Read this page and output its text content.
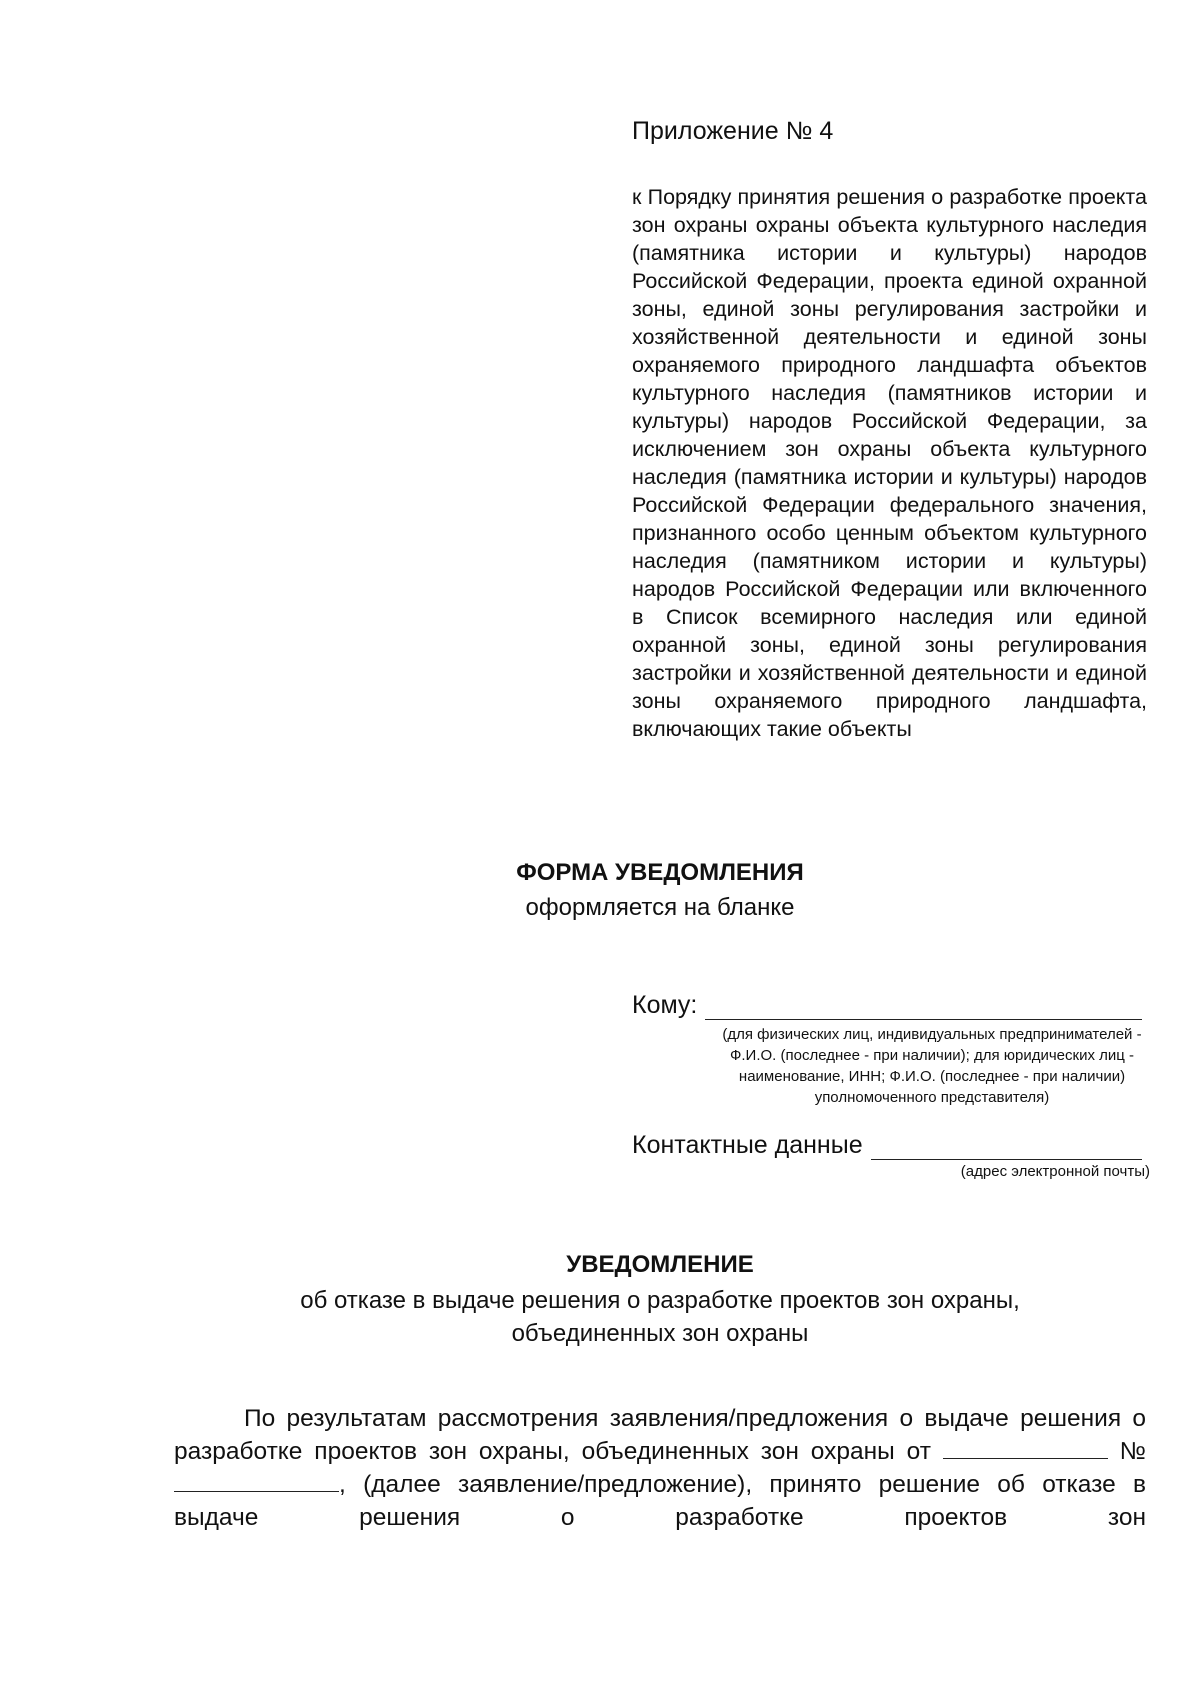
Приложение № 4
к Порядку принятия решения о разработке проекта зон охраны охраны объекта культурного наследия (памятника истории и культуры) народов Российской Федерации, проекта единой охранной зоны, единой зоны регулирования застройки и хозяйственной деятельности и единой зоны охраняемого природного ландшафта объектов культурного наследия (памятников истории и культуры) народов Российской Федерации, за исключением зон охраны объекта культурного наследия (памятника истории и культуры) народов Российской Федерации федерального значения, признанного особо ценным объектом культурного наследия (памятником истории и культуры) народов Российской Федерации или включенного в Список всемирного наследия или единой охранной зоны, единой зоны регулирования застройки и хозяйственной деятельности и единой зоны охраняемого природного ландшафта, включающих такие объекты
ФОРМА УВЕДОМЛЕНИЯ
оформляется на бланке
Кому:
(для физических лиц, индивидуальных предпринимателей - Ф.И.О. (последнее - при наличии); для юридических лиц - наименование, ИНН; Ф.И.О. (последнее - при наличии) уполномоченного представителя)
Контактные данные
(адрес электронной почты)
УВЕДОМЛЕНИЕ
об отказе в выдаче решения о разработке проектов зон охраны,
объединенных зон охраны
По результатам рассмотрения заявления/предложения о выдаче решения о разработке проектов зон охраны, объединенных зон охраны от	№ , (далее заявление/предложение), принято решение об отказе в выдаче решения о разработке проектов зон
